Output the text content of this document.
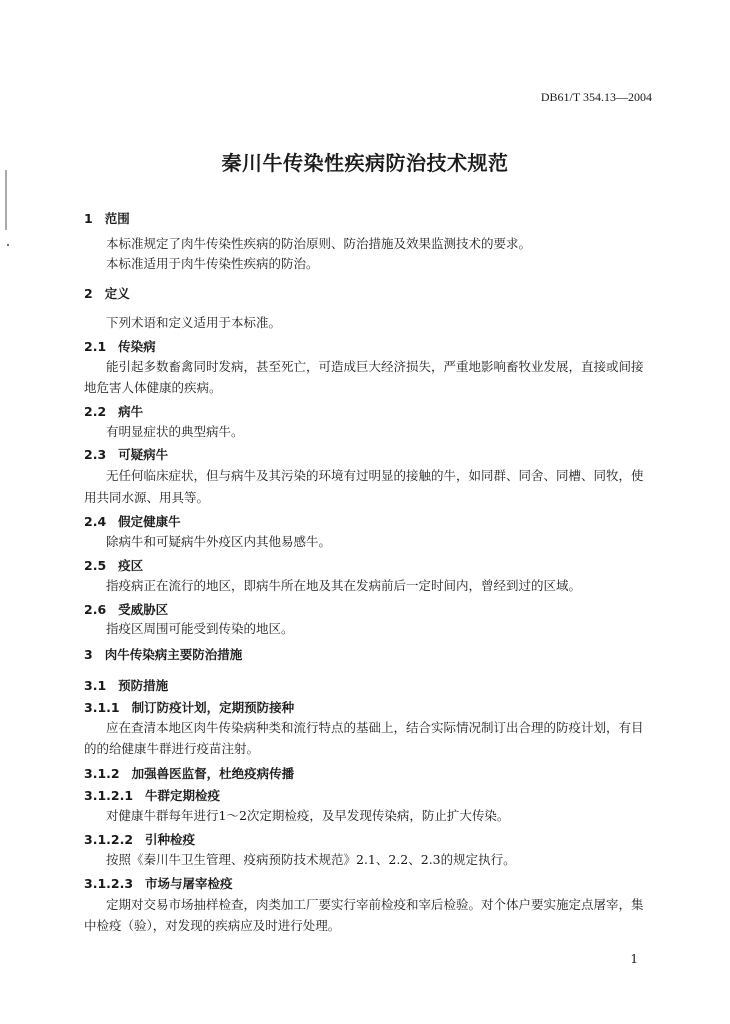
DB61/T 354.13—2004
秦川牛传染性疾病防治技术规范
1 范围
本标准规定了肉牛传染性疾病的防治原则、防治措施及效果监测技术的要求。
本标准适用于肉牛传染性疾病的防治。
2 定义
下列术语和定义适用于本标准。
2.1 传染病
能引起多数畜禽同时发病，甚至死亡，可造成巨大经济损失，严重地影响畜牧业发展，直接或间接
地危害人体健康的疾病。
2.2 病牛
有明显症状的典型病牛。
2.3 可疑病牛
无任何临床症状，但与病牛及其污染的环境有过明显的接触的牛，如同群、同舍、同槽、同牧，使
用共同水源、用具等。
2.4 假定健康牛
除病牛和可疑病牛外疫区内其他易感牛。
2.5 疫区
指疫病正在流行的地区，即病牛所在地及其在发病前后一定时间内，曾经到过的区域。
2.6 受威胁区
指疫区周围可能受到传染的地区。
3 肉牛传染病主要防治措施
3.1 预防措施
3.1.1 制订防疫计划，定期预防接种
应在查清本地区肉牛传染病种类和流行特点的基础上，结合实际情况制订出合理的防疫计划，有目
的的给健康牛群进行疫苗注射。
3.1.2 加强兽医监督，杜绝疫病传播
3.1.2.1 牛群定期检疫
对健康牛群每年进行1～2次定期检疫，及早发现传染病，防止扩大传染。
3.1.2.2 引种检疫
按照《秦川牛卫生管理、疫病预防技术规范》2.1、2.2、2.3的规定执行。
3.1.2.3 市场与屠宰检疫
定期对交易市场抽样检查，肉类加工厂要实行宰前检疫和宰后检验。对个体户要实施定点屠宰，集
中检疫（验），对发现的疾病应及时进行处理。
1
